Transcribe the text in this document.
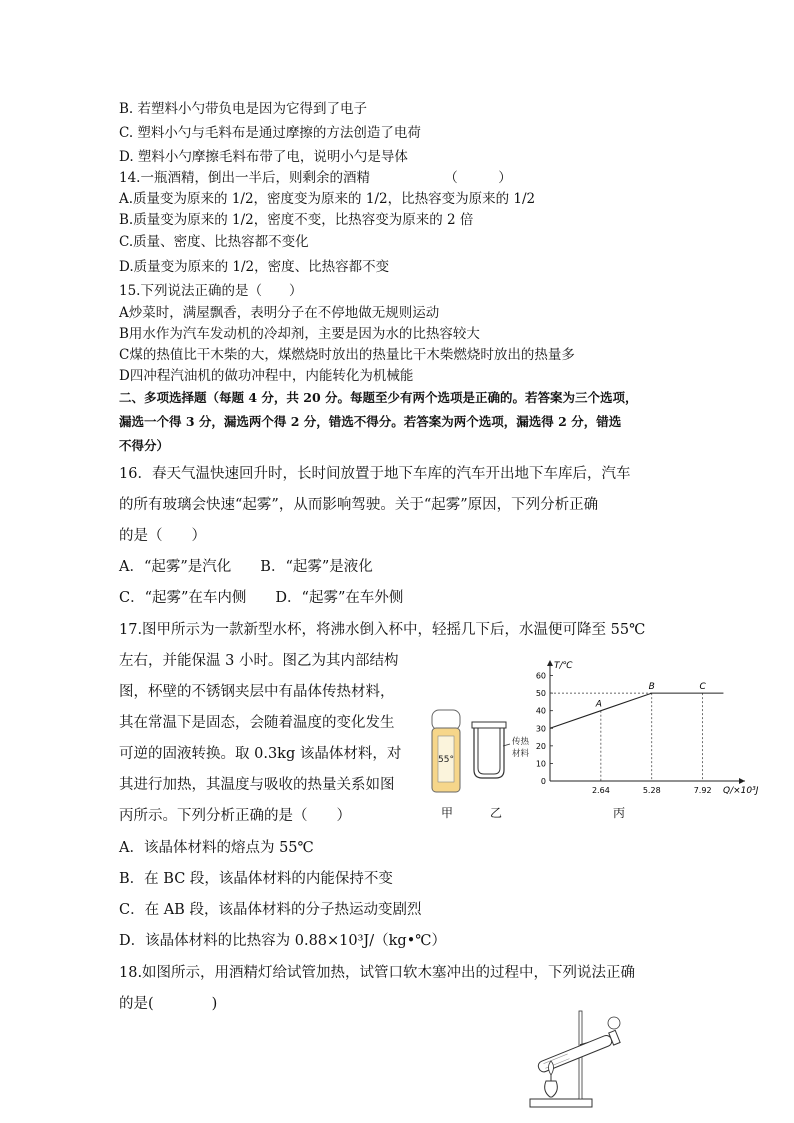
B. 若塑料小勺带负电是因为它得到了电子
C. 塑料小勺与毛料布是通过摩擦的方法创造了电荷
D. 塑料小勺摩擦毛料布带了电，说明小勺是导体
14.一瓶酒精，倒出一半后，则剩余的酒精　　　　　　（　　　）
A.质量变为原来的 1/2，密度变为原来的 1/2，比热容变为原来的 1/2
B.质量变为原来的 1/2，密度不变，比热容变为原来的 2 倍
C.质量、密度、比热容都不变化
D.质量变为原来的 1/2，密度、比热容都不变
15.下列说法正确的是（　　）
A炒菜时，满屋飘香，表明分子在不停地做无规则运动
B用水作为汽车发动机的冷却剂，主要是因为水的比热容较大
C煤的热值比干木柴的大，煤燃烧时放出的热量比干木柴燃烧时放出的热量多
D四冲程汽油机的做功冲程中，内能转化为机械能
二、多项选择题（每题 4 分，共 20 分。每题至少有两个选项是正确的。若答案为三个选项，
漏选一个得 3 分，漏选两个得 2 分，错选不得分。若答案为两个选项，漏选得 2 分，错选
不得分）
16．春天气温快速回升时，长时间放置于地下车库的汽车开出地下车库后，汽车
的所有玻璃会快速“起雾”，从而影响驾驶。关于“起雾”原因，下列分析正确
的是（　　）
A．“起雾”是汽化　　B．“起雾”是液化
C．“起雾”在车内侧　　D．“起雾”在车外侧
17.图甲所示为一款新型水杯，将沸水倒入杯中，轻摇几下后，水温便可降至 55℃
左右，并能保温 3 小时。图乙为其内部结构
图，杯壁的不锈钢夹层中有晶体传热材料，
其在常温下是固态，会随着温度的变化发生
可逆的固液转换。取 0.3kg 该晶体材料，对
其进行加热，其温度与吸收的热量关系如图
丙所示。下列分析正确的是（　　）
A．该晶体材料的熔点为 55℃
B．在 BC 段，该晶体材料的内能保持不变
C．在 AB 段，该晶体材料的分子热运动变剧烈
D．该晶体材料的比热容为 0.88×10³J/（kg•℃）
18.如图所示，用酒精灯给试管加热，试管口软木塞冲出的过程中，下列说法正确
的是(　　　　)
55°
甲
传热
材料
乙
T/℃
Q/×10³J
0
10
20
30
40
50
60
2.64	5.28	7.92
A
B	C
丙
